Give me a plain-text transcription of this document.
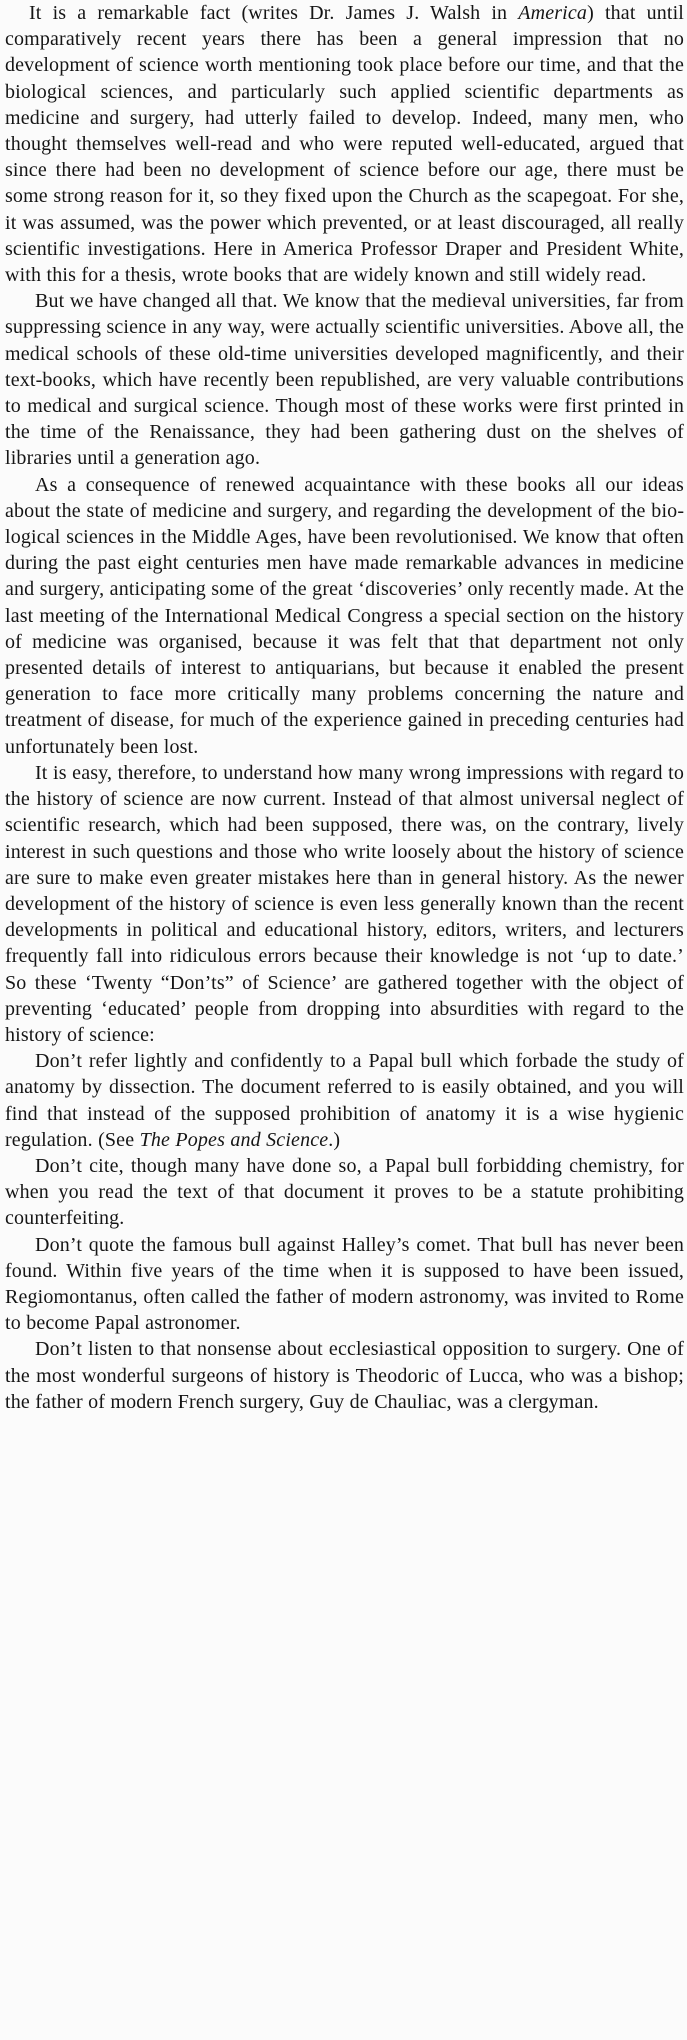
It is a remarkable fact (writes Dr. James J. Walsh in America) that until comparatively recent years there has been a general impression that no development of science worth mentioning took place before our time, and that the biological sciences, and particularly such applied scientific departments as medicine and surgery, had utterly failed to develop. Indeed, many men, who thought themselves well-read and who were reputed well-educated, argued that since there had been no development of science before our age, there must be some strong reason for it, so they fixed upon the Church as the scapegoat. For she, it was assumed, was the power which prevented, or at least discouraged, all really scientific investigations. Here in America Professor Draper and President White, with this for a thesis, wrote books that are widely known and still widely read.

But we have changed all that. We know that the medieval universities, far from suppressing science in any way, were actually scientific universities. Above all, the medical schools of these old-time universities developed magnificently, and their text-books, which have recently been republished, are very valuable contributions to medical and surgical science. Though most of these works were first printed in the time of the Renaissance, they had been gathering dust on the shelves of libraries until a generation ago.

As a consequence of renewed acquaintance with these books all our ideas about the state of medicine and surgery, and regarding the development of the biological sciences in the Middle Ages, have been revolutionised. We know that often during the past eight centuries men have made remarkable advances in medicine and surgery, anticipating some of the great ‘discoveries’ only recently made. At the last meeting of the International Medical Congress a special section on the history of medicine was organised, because it was felt that that department not only presented details of interest to antiquarians, but because it enabled the present generation to face more critically many problems concerning the nature and treatment of disease, for much of the experience gained in preceding centuries had unfortunately been lost.

It is easy, therefore, to understand how many wrong impressions with regard to the history of science are now current. Instead of that almost universal neglect of scientific research, which had been supposed, there was, on the contrary, lively interest in such questions and those who write loosely about the history of science are sure to make even greater mistakes here than in general history. As the newer development of the history of science is even less generally known than the recent developments in political and educational history, editors, writers, and lecturers frequently fall into ridiculous errors because their knowledge is not ‘up to date.’ So these ‘Twenty “Don’ts” of Science’ are gathered together with the object of preventing ‘educated’ people from dropping into absurdities with regard to the history of science:

Don’t refer lightly and confidently to a Papal bull which forbade the study of anatomy by dissection. The document referred to is easily obtained, and you will find that instead of the supposed prohibition of anatomy it is a wise hygienic regulation. (See The Popes and Science.)

Don’t cite, though many have done so, a Papal bull forbidding chemistry, for when you read the text of that document it proves to be a statute prohibiting counterfeiting.

Don’t quote the famous bull against Halley’s comet. That bull has never been found. Within five years of the time when it is supposed to have been issued, Regiomontanus, often called the father of modern astronomy, was invited to Rome to become Papal astronomer.

Don’t listen to that nonsense about ecclesiastical opposition to surgery. One of the most wonderful surgeons of history is Theodoric of Lucca, who was a bishop; the father of modern French surgery, Guy de Chauliac, was a clergyman.
